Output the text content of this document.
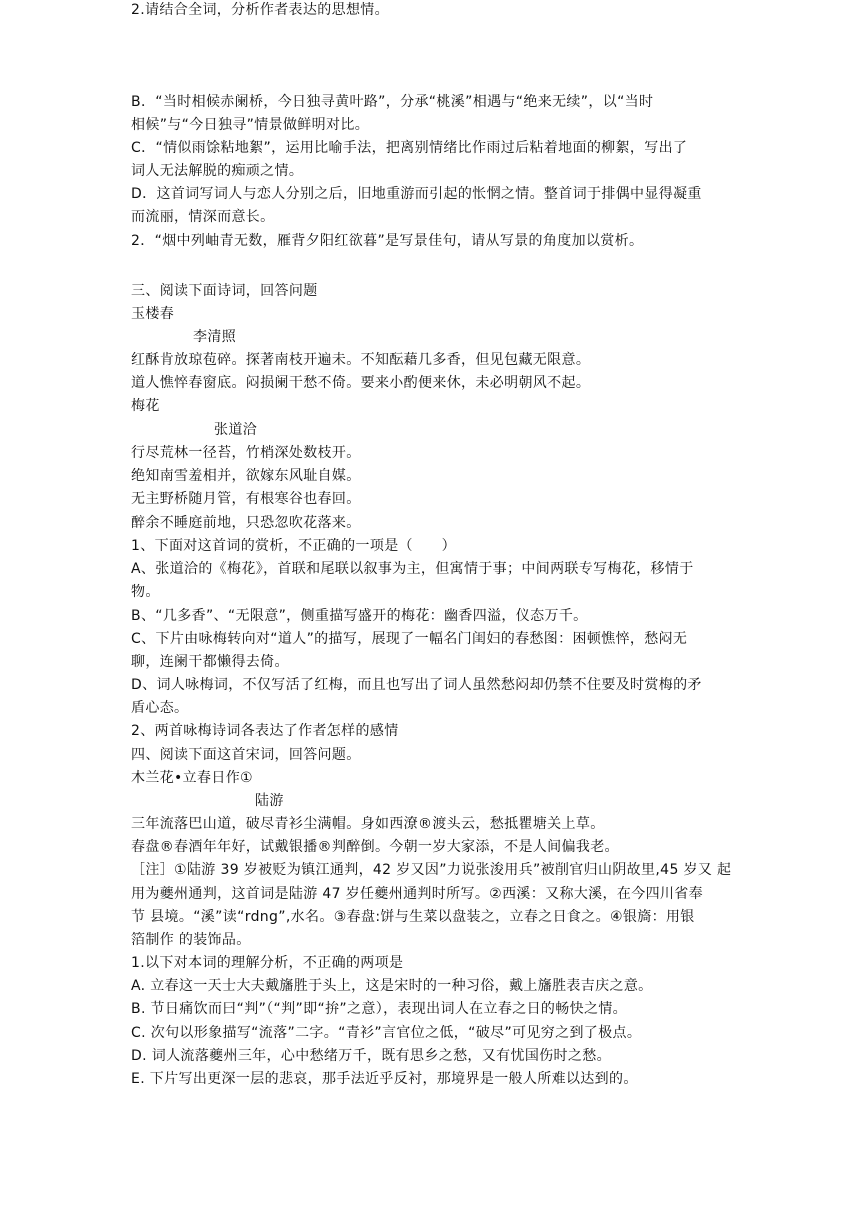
B．“当时相候赤阑桥，今日独寻黄叶路”，分承“桃溪”相遇与“绝来无续”，以“当时
相候”与“今日独寻”情景做鲜明对比。
C．“情似雨馀粘地絮”，运用比喻手法，把离别情绪比作雨过后粘着地面的柳絮，写出了
词人无法解脱的痴顽之情。
D．这首词写词人与恋人分别之后，旧地重游而引起的怅惘之情。整首词于排偶中显得凝重
而流丽，情深而意长。
2．“烟中列岫青无数，雁背夕阳红欲暮”是写景佳句，请从写景的角度加以赏析。
三、阅读下面诗词，回答问题
玉楼春
李清照
红酥肯放琼苞碎。探著南枝开遍未。不知酝藉几多香，但见包藏无限意。
道人憔悴春窗底。闷损阑干愁不倚。要来小酌便来休，未必明朝风不起。
梅花
张道洽
行尽荒林一径苔，竹梢深处数枝开。
绝知南雪羞相并，欲嫁东风耻自媒。
无主野桥随月管，有根寒谷也春回。
醉余不睡庭前地，只恐忽吹花落来。
1、下面对这首词的赏析，不正确的一项是（　　）
A、张道洽的《梅花》，首联和尾联以叙事为主，但寓情于事；中间两联专写梅花，移情于
物。
B、“几多香”、“无限意”，侧重描写盛开的梅花：幽香四溢，仪态万千。
C、下片由咏梅转向对“道人”的描写，展现了一幅名门闺妇的春愁图：困顿憔悴，愁闷无
聊，连阑干都懒得去倚。
D、词人咏梅词，不仅写活了红梅，而且也写出了词人虽然愁闷却仍禁不住要及时赏梅的矛
盾心态。
2、两首咏梅诗词各表达了作者怎样的感情
四、阅读下面这首宋词，回答问题。
木兰花•立春日作①
陆游
三年流落巴山道，破尽青衫尘满帽。身如西潦®渡头云，愁抵瞿塘关上草。
春盘®春酒年年好，试戴银播®判醉倒。今朝一岁大家添，不是人间偏我老。
［注］①陆游 39 岁被贬为镇江通判，42 岁又因”力说张浚用兵”被削官归山阴故里,45 岁又 起
用为夔州通判，这首词是陆游 47 岁任夔州通判时所写。②西溪：又称大溪，在今四川省奉
节 县境。“溪”读“rdng”,水名。③春盘:饼与生菜以盘装之，立春之日食之。④银旖：用银
箔制作 的装饰品。
1.以下对本词的理解分析，不正确的两项是
A. 立春这一天士大夫戴旛胜于头上，这是宋时的一种习俗，戴上旛胜表吉庆之意。
B. 节日痛饮而曰“判”（“判”即“拚”之意），表现出词人在立春之日的畅快之情。
C. 次句以形象描写“流落”二字。“青衫”言官位之低，“破尽”可见穷之到了极点。
D. 词人流落夔州三年，心中愁绪万千，既有思乡之愁，又有忧国伤时之愁。
E. 下片写出更深一层的悲哀，那手法近乎反衬，那境界是一般人所难以达到的。
2.请结合全词，分析作者表达的思想情。
